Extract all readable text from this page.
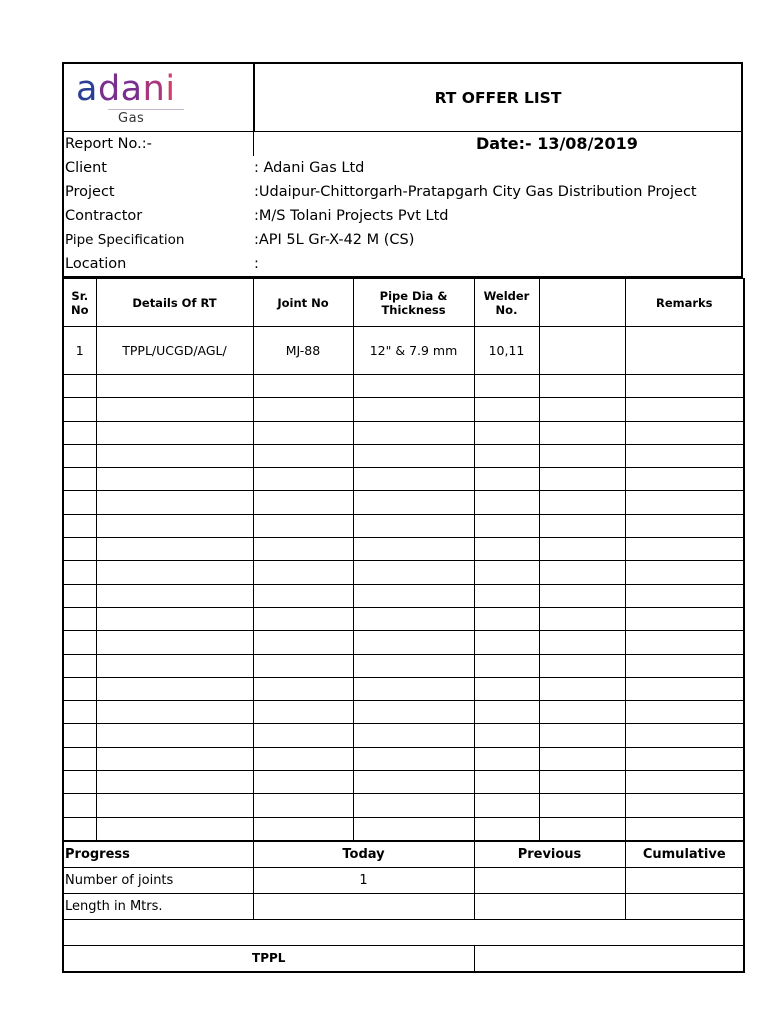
adani
Gas
RT OFFER LIST
Report No.:-	Date:- 13/08/2019
Client	: Adani Gas Ltd
Project	:Udaipur-Chittorgarh-Pratapgarh City Gas Distribution Project
Contractor	:M/S Tolani Projects Pvt Ltd
Pipe Specification	:API 5L Gr-X-42 M (CS)
Location	:
Sr. No	Details Of RT	Joint No	Pipe Dia & Thickness	Welder No.		Remarks
1	TPPL/UCGD/AGL/	MJ-88	12" & 7.9 mm	10,11		

Progress	Today	Previous	Cumulative
Number of joints	1		
Length in Mtrs.			

TPPL			
